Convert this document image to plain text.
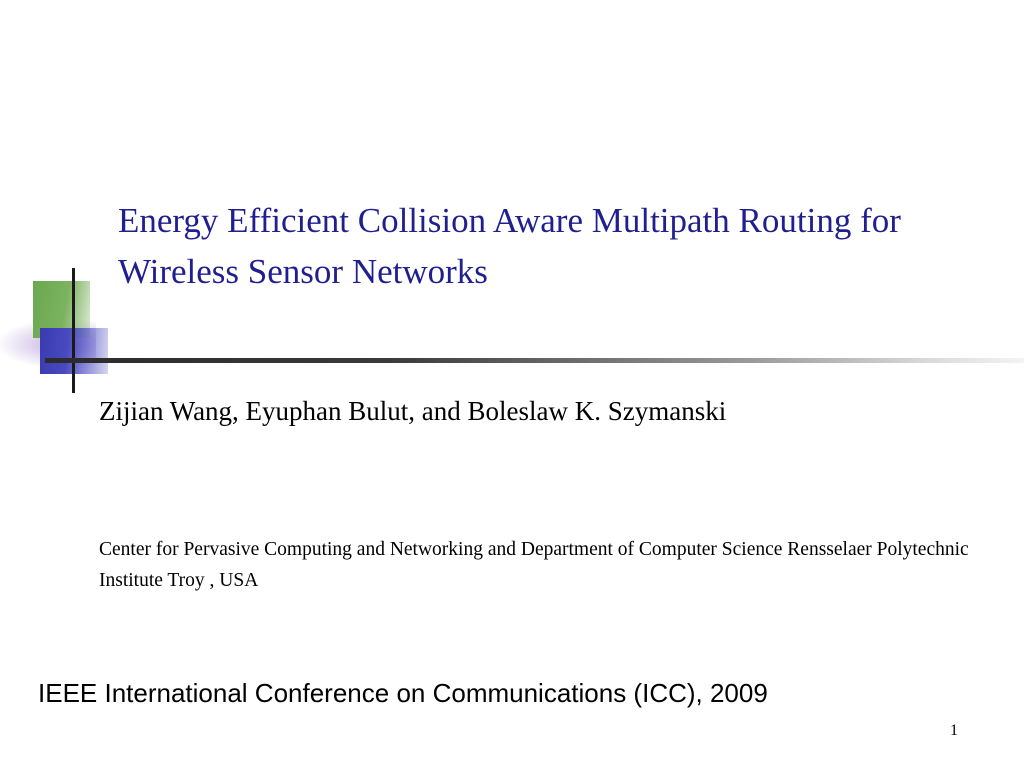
Energy Efficient Collision Aware Multipath Routing for Wireless Sensor Networks
Zijian Wang, Eyuphan Bulut, and Boleslaw K. Szymanski
Center for Pervasive Computing and Networking and Department of Computer Science Rensselaer Polytechnic Institute Troy , USA
IEEE International Conference on Communications (ICC), 2009
1
